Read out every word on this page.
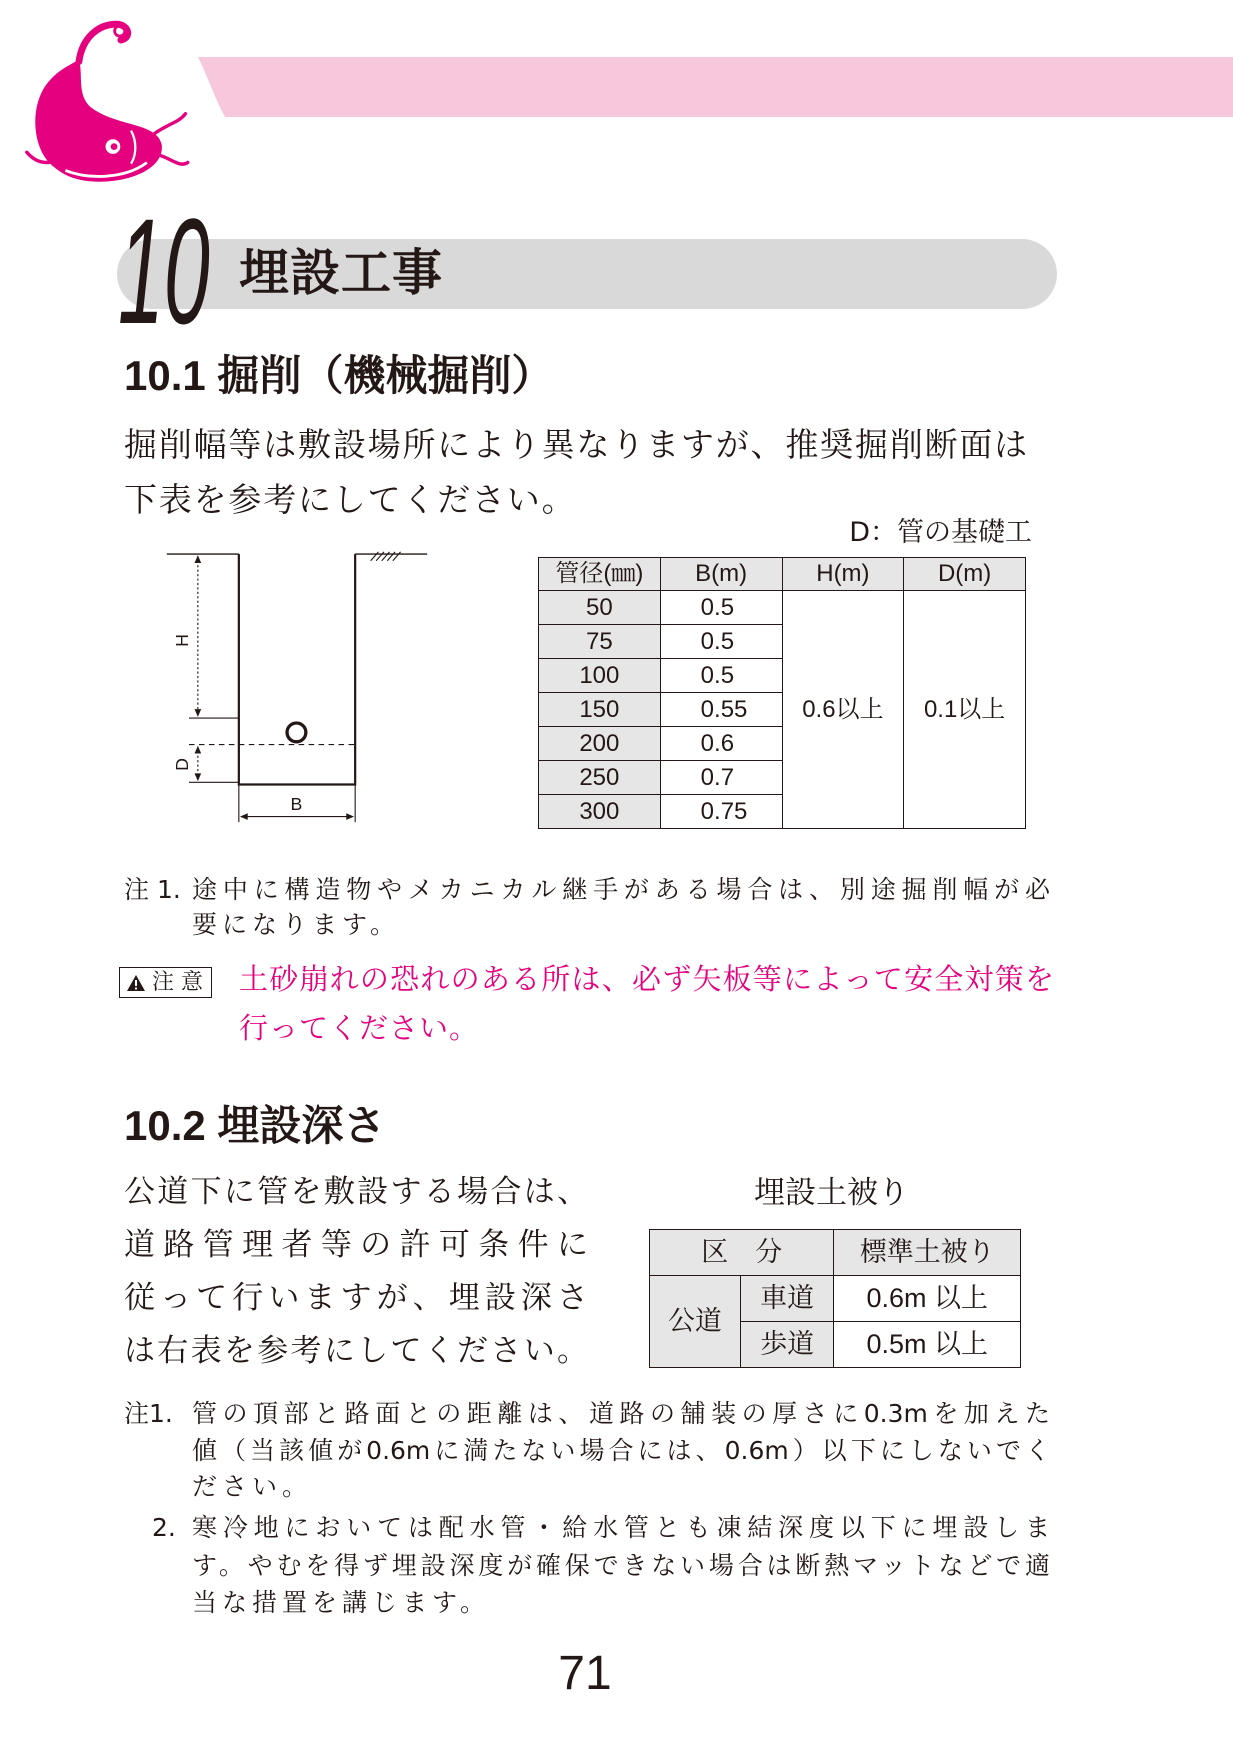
10 埋設工事
10.1 掘削（機械掘削）
掘削幅等は敷設場所により異なりますが、推奨掘削断面は
下表を参考にしてください。
D：管の基礎工
H
D
B
管径(㎜)	B(m)	H(m)	D(m)
50	0.5	0.6以上	0.1以上
75	0.5		
100	0.5		
150	0.55		
200	0.6		
250	0.7		
300	0.75		
注 1. 途中に構造物やメカニカル継手がある場合は、別途掘削幅が必
要になります。
注 意 土砂崩れの恐れのある所は、必ず矢板等によって安全対策を
行ってください。
10.2 埋設深さ
公道下に管を敷設する場合は、
道路管理者等の許可条件に
従って行いますが、埋設深さ
は右表を参考にしてください。
埋設土被り
区　分		標準土被り
公道	車道	0.6m 以上
	歩道	0.5m 以上
注1. 管の頂部と路面との距離は、道路の舗装の厚さに0.3mを加えた
値（当該値が0.6mに満たない場合には、0.6m）以下にしないでく
ださい。
2. 寒冷地においては配水管・給水管とも凍結深度以下に埋設しま
す。やむを得ず埋設深度が確保できない場合は断熱マットなどで適
当な措置を講じます。
71
